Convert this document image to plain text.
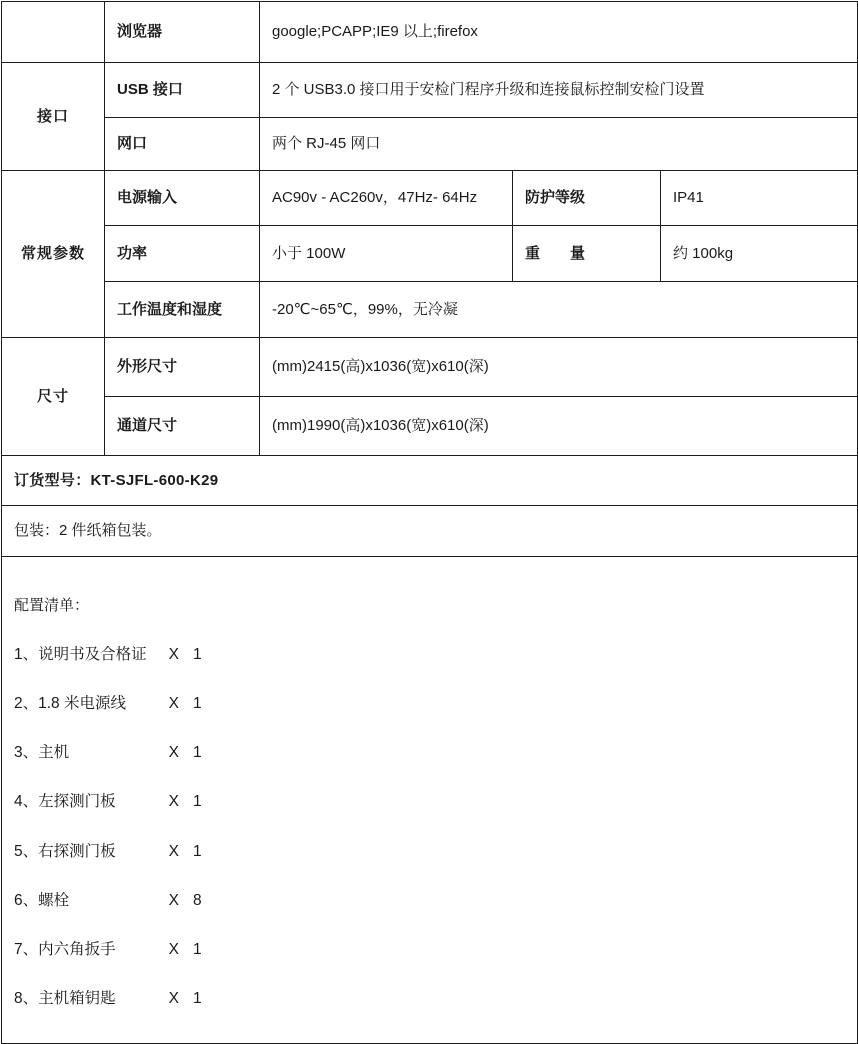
	浏览器	google;PCAPP;IE9 以上;firefox		
接口	USB 接口	2 个 USB3.0 接口用于安检门程序升级和连接鼠标控制安检门设置		
	网口	两个 RJ-45 网口		
常规参数	电源输入	AC90v - AC260v，47Hz- 64Hz	防护等级	IP41
	功率	小于 100W	重　　量	约 100kg
	工作温度和湿度	-20℃~65℃，99%，无冷凝		
尺寸	外形尺寸	(mm)2415(高)x1036(宽)x610(深)		
	通道尺寸	(mm)1990(高)x1036(宽)x610(深)		
订货型号：KT-SJFL-600-K29				
包装：2 件纸箱包装。				

配置清单：
1、 说明书及合格证 X 1
2、 1.8 米电源线	X 1
3、 主机	X 1
4、 左探测门板	X 1
5、 右探测门板	X 1
6、 螺栓	X 8
7、 内六角扳手	X 1
8、 主机箱钥匙	X 1
